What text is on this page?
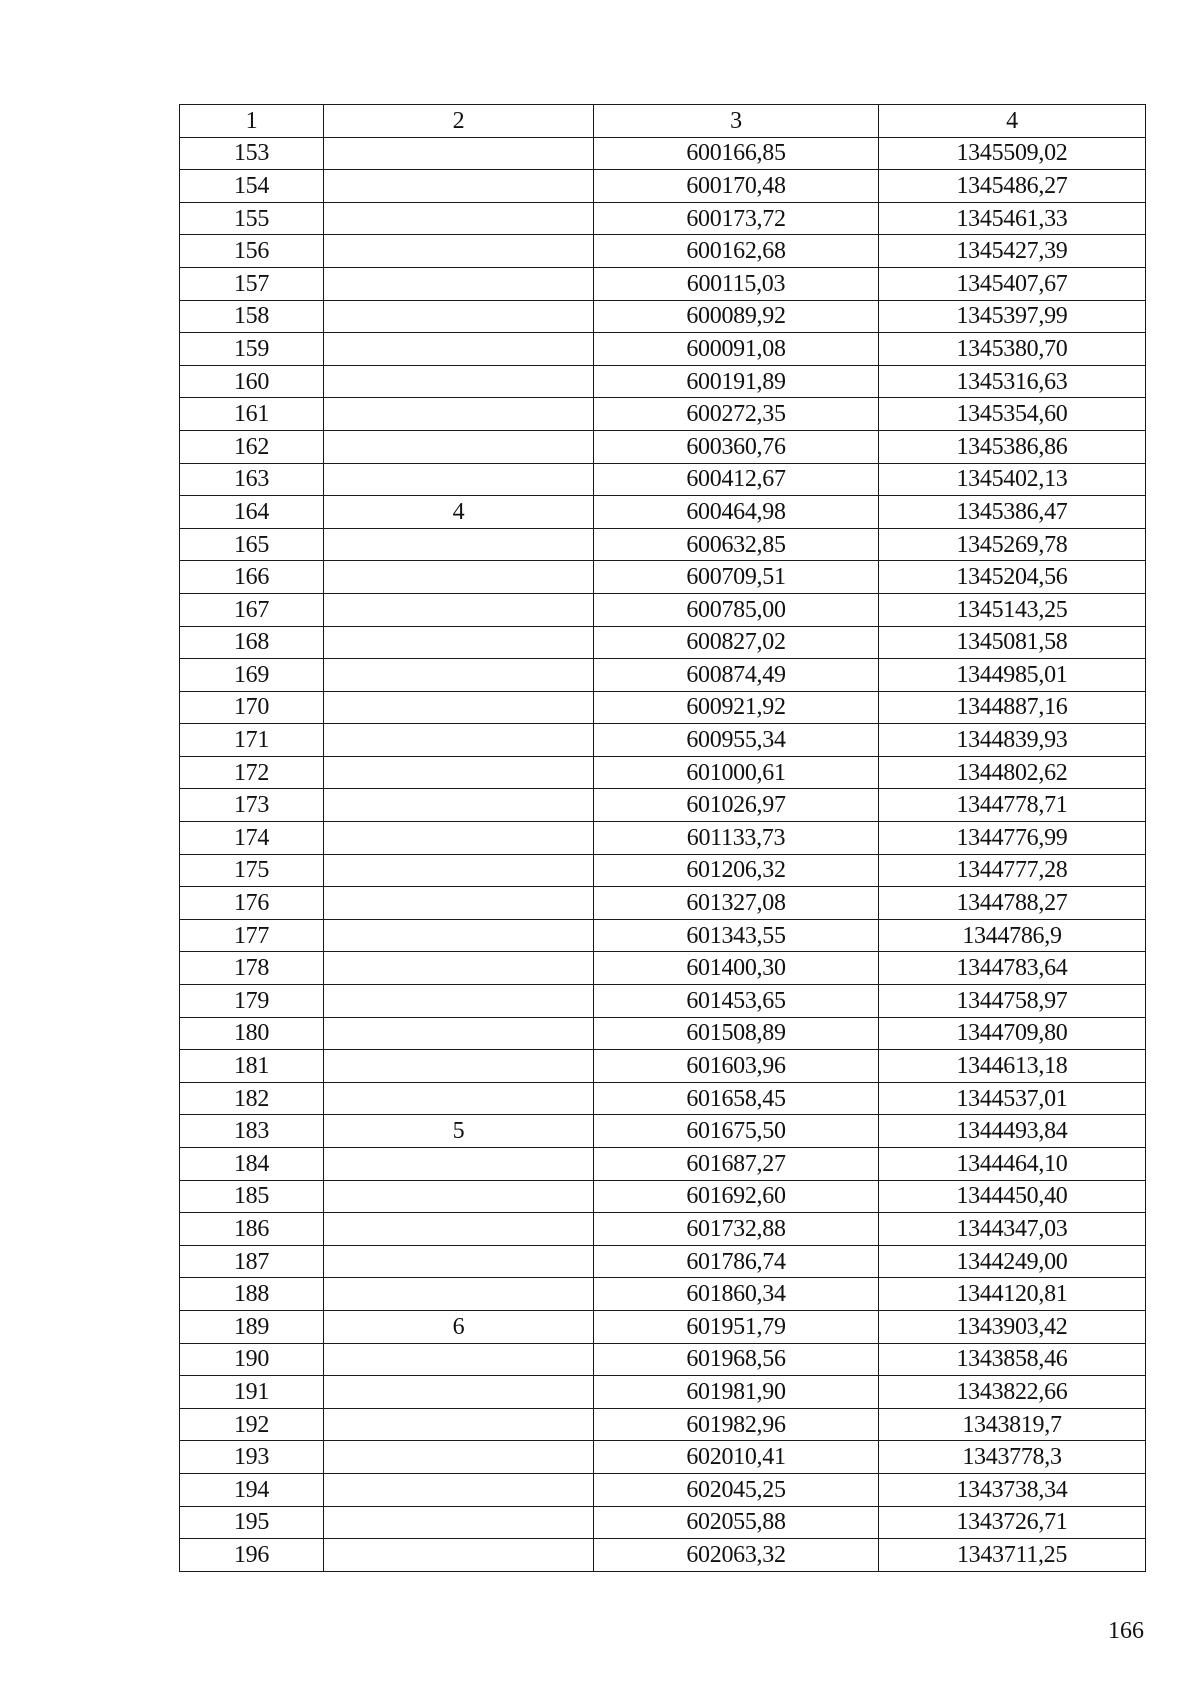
1	2	3	4
153		600166,85	1345509,02
154		600170,48	1345486,27
155		600173,72	1345461,33
156		600162,68	1345427,39
157		600115,03	1345407,67
158		600089,92	1345397,99
159		600091,08	1345380,70
160		600191,89	1345316,63
161		600272,35	1345354,60
162		600360,76	1345386,86
163		600412,67	1345402,13
164	4	600464,98	1345386,47
165		600632,85	1345269,78
166		600709,51	1345204,56
167		600785,00	1345143,25
168		600827,02	1345081,58
169		600874,49	1344985,01
170		600921,92	1344887,16
171		600955,34	1344839,93
172		601000,61	1344802,62
173		601026,97	1344778,71
174		601133,73	1344776,99
175		601206,32	1344777,28
176		601327,08	1344788,27
177		601343,55	1344786,9
178		601400,30	1344783,64
179		601453,65	1344758,97
180		601508,89	1344709,80
181		601603,96	1344613,18
182		601658,45	1344537,01
183	5	601675,50	1344493,84
184		601687,27	1344464,10
185		601692,60	1344450,40
186		601732,88	1344347,03
187		601786,74	1344249,00
188		601860,34	1344120,81
189	6	601951,79	1343903,42
190		601968,56	1343858,46
191		601981,90	1343822,66
192		601982,96	1343819,7
193		602010,41	1343778,3
194		602045,25	1343738,34
195		602055,88	1343726,71
196		602063,32	1343711,25
166
